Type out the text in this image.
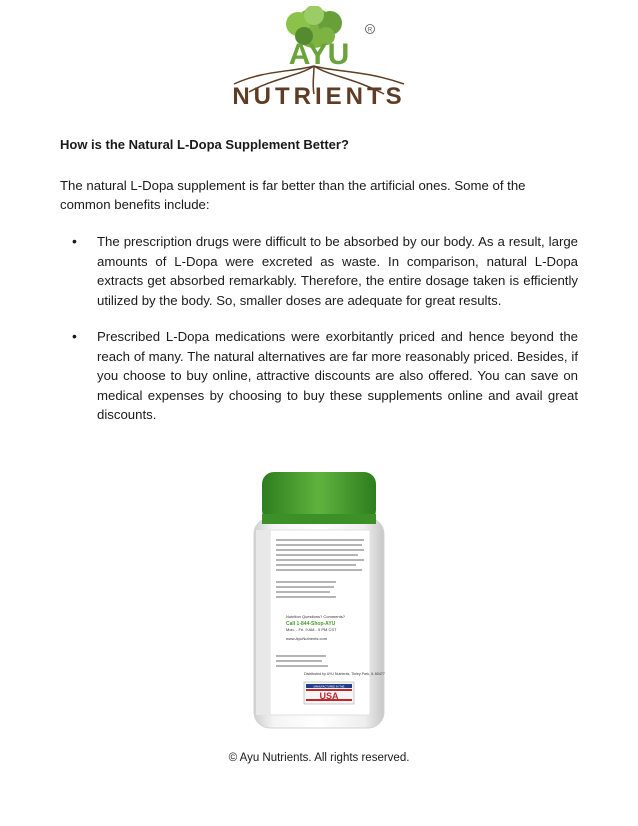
AYU
R
NUTRIENTS
How is the Natural L-Dopa Supplement Better?

The natural L-Dopa supplement is far better than the artificial ones. Some of the common benefits include:

• The prescription drugs were difficult to be absorbed by our body. As a result, large amounts of L-Dopa were excreted as waste. In comparison, natural L-Dopa extracts get absorbed remarkably. Therefore, the entire dosage taken is efficiently utilized by the body. So, smaller doses are adequate for great results.
• Prescribed L-Dopa medications were exorbitantly priced and hence beyond the reach of many. The natural alternatives are far more reasonably priced. Besides, if you choose to buy online, attractive discounts are also offered. You can save on medical expenses by choosing to buy these supplements online and avail great discounts.
Nutrition Questions? Comments?
Call 1-844-Shop-AYU
Mon. - Fri. 9 AM - 5 PM CST
www.AyuNutrients.com
Distributed by AYU Nutrients, Tinley Park, IL 60477
MANUFACTURED IN THE
USA

© Ayu Nutrients. All rights reserved.
